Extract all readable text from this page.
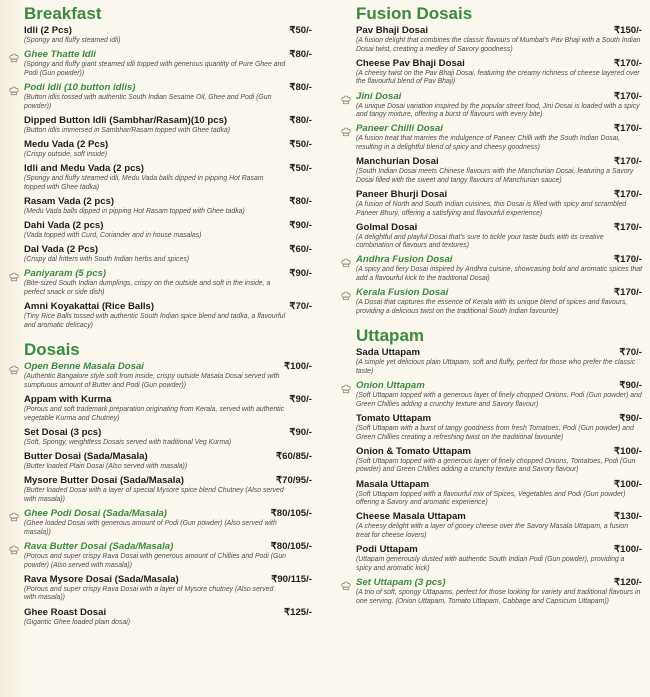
Breakfast
Idli (2 Pcs)	₹50/-
(Spongy and fluffy steamed idli)
Ghee Thatte Idli	₹80/-
(Spongy and fluffy giant steamed idli topped with generous quantity of Pure Ghee and Podi (Gun powder))
Podi Idli (10 button idlis)	₹80/-
(Button idlis tossed with authentic South Indian Sesame Oil, Ghee and Podi (Gun powder))
Dipped Button Idli (Sambhar/Rasam)(10 pcs)	₹80/-
(Button idlis immersed in Sambhar/Rasam topped with Ghee tadka)
Medu Vada (2 Pcs)	₹50/-
(Crispy outside, soft inside)
Idli and Medu Vada (2 pcs)	₹50/-
(Spongy and fluffy steamed idli, Medu Vada balls dipped in pipping Hot Rasam topped with Ghee tadka)
Rasam Vada (2 pcs)	₹80/-
(Medu Vada balls dipped in pipping Hot Rasam topped with Ghee tadka)
Dahi Vada (2 pcs)	₹90/-
(Vada topped with Curd, Coriander and in house masalas)
Dal Vada (2 Pcs)	₹60/-
(Crispy dal fritters with South Indian herbs and spices)
Paniyaram (5 pcs)	₹90/-
(Bite-sized South Indian dumplings, crispy on the outside and soft in the inside, a perfect snack or side dish)
Amni Koyakattai (Rice Balls)	₹70/-
(Tiny Rice Balls tossed with authentic South Indian spice blend and tadka, a flavourful and aromatic delicacy)
Dosais
Open Benne Masala Dosai	₹100/-
(Authentic Bangalore style soft from inside, crispy outside Masala Dosai served with sumptuous amount of Butter and Podi (Gun powder))
Appam with Kurma	₹90/-
(Porous and soft trademark preparation originating from Kerala, served with authentic vegetable Kurma and Chutney)
Set Dosai (3 pcs)	₹90/-
(Soft, Spongy, weightless Dosais served with traditional Veg Kurma)
Butter Dosai (Sada/Masala)	₹60/85/-
(Butter loaded Plain Dosai (Also served with masala))
Mysore Butter Dosai (Sada/Masala)	₹70/95/-
(Butter loaded Dosai with a layer of special Mysore spice blend Chutney (Also served with masala))
Ghee Podi Dosai (Sada/Masala)	₹80/105/-
(Ghee loaded Dosai with generous amount of Podi (Gun powder) (Also served with masala))
Rava Butter Dosai (Sada/Masala)	₹80/105/-
(Porous and super crispy Rava Dosai with generous amount of Chillies and Podi (Gun powder) (Also served with masala))
Rava Mysore Dosai (Sada/Masala)	₹90/115/-
(Porous and super crispy Rava Dosai with a layer of Mysore chutney (Also served with masala))
Ghee Roast Dosai	₹125/-
(Gigantic Ghee loaded plain dosai)
Fusion Dosais
Pav Bhaji Dosai	₹150/-
(A fusion delight that combines the classic flavours of Mumbai's Pav Bhaji with a South Indian Dosai twist, creating a medley of Savory goodness)
Cheese Pav Bhaji Dosai	₹170/-
(A cheesy twist on the Pav Bhaji Dosai, featuring the creamy richness of cheese layered over the flavourful blend of Pav Bhaji)
Jini Dosai	₹170/-
(A unique Dosai variation inspired by the popular street food, Jini Dosai is loaded with a spicy and tangy mixture, offering a burst of flavours with every bite)
Paneer Chilli Dosai	₹170/-
(A fusion treat that marries the indulgence of Paneer Chilli with the South Indian Dosai, resulting in a delightful blend of spicy and cheesy goodness)
Manchurian Dosai	₹170/-
(South Indian Dosai meets Chinese flavours with the Manchurian Dosai, featuring a Savory Dosai filled with the sweet and tangy flavours of Manchurian sauce)
Paneer Bhurji Dosai	₹170/-
(A fusion of North and South Indian cuisines, this Dosai is filled with spicy and scrambled Paneer Bhurji, offering a satisfying and flavourful experience)
Golmal Dosai	₹170/-
(A delightful and playful Dosai that's sure to tickle your taste buds with its creative combination of flavours and textures)
Andhra Fusion Dosai	₹170/-
(A spicy and fiery Dosai inspired by Andhra cuisine, showcasing bold and aromatic spices that add a flavourful kick to the traditional Dosai)
Kerala Fusion Dosai	₹170/-
(A Dosai that captures the essence of Kerala with its unique blend of spices and flavours, providing a delicious twist on the traditional South Indian favourite)
Uttapam
Sada Uttapam	₹70/-
(A simple yet delicious plain Uttapam, soft and fluffy, perfect for those who prefer the classic taste)
Onion Uttapam	₹90/-
(Soft Uttapam topped with a generous layer of finely chopped Onions, Podi (Gun powder) and Green Chillies adding a crunchy texture and Savory flavour)
Tomato Uttapam	₹90/-
(Soft Uttapam with a burst of tangy goodness from fresh Tomatoes, Podi (Gun powder) and Green Chillies creating a refreshing twist on the traditional favourite)
Onion & Tomato Uttapam	₹100/-
(Soft Uttapam topped with a generous layer of finely chopped Onions, Tomatoes, Podi (Gun powder) and Green Chillies adding a crunchy texture and Savory flavour)
Masala Uttapam	₹100/-
(Soft Uttapam topped with a flavourful mix of Spices, Vegetables and Podi (Gun powder) offering a Savory and aromatic experience)
Cheese Masala Uttapam	₹130/-
(A cheesy delight with a layer of gooey cheese over the Savory Masala Uttapam, a fusion treat for cheese lovers)
Podi Uttapam	₹100/-
(Uttapam generously dusted with authentic South Indian Podi (Gun powder), providing a spicy and aromatic kick)
Set Uttapam (3 pcs)	₹120/-
(A trio of soft, spongy Uttapams, perfect for those looking for variety and traditional flavours in one serving. (Onion Uttapam, Tomato Uttapam, Cabbage and Capsicum Uttapam))
